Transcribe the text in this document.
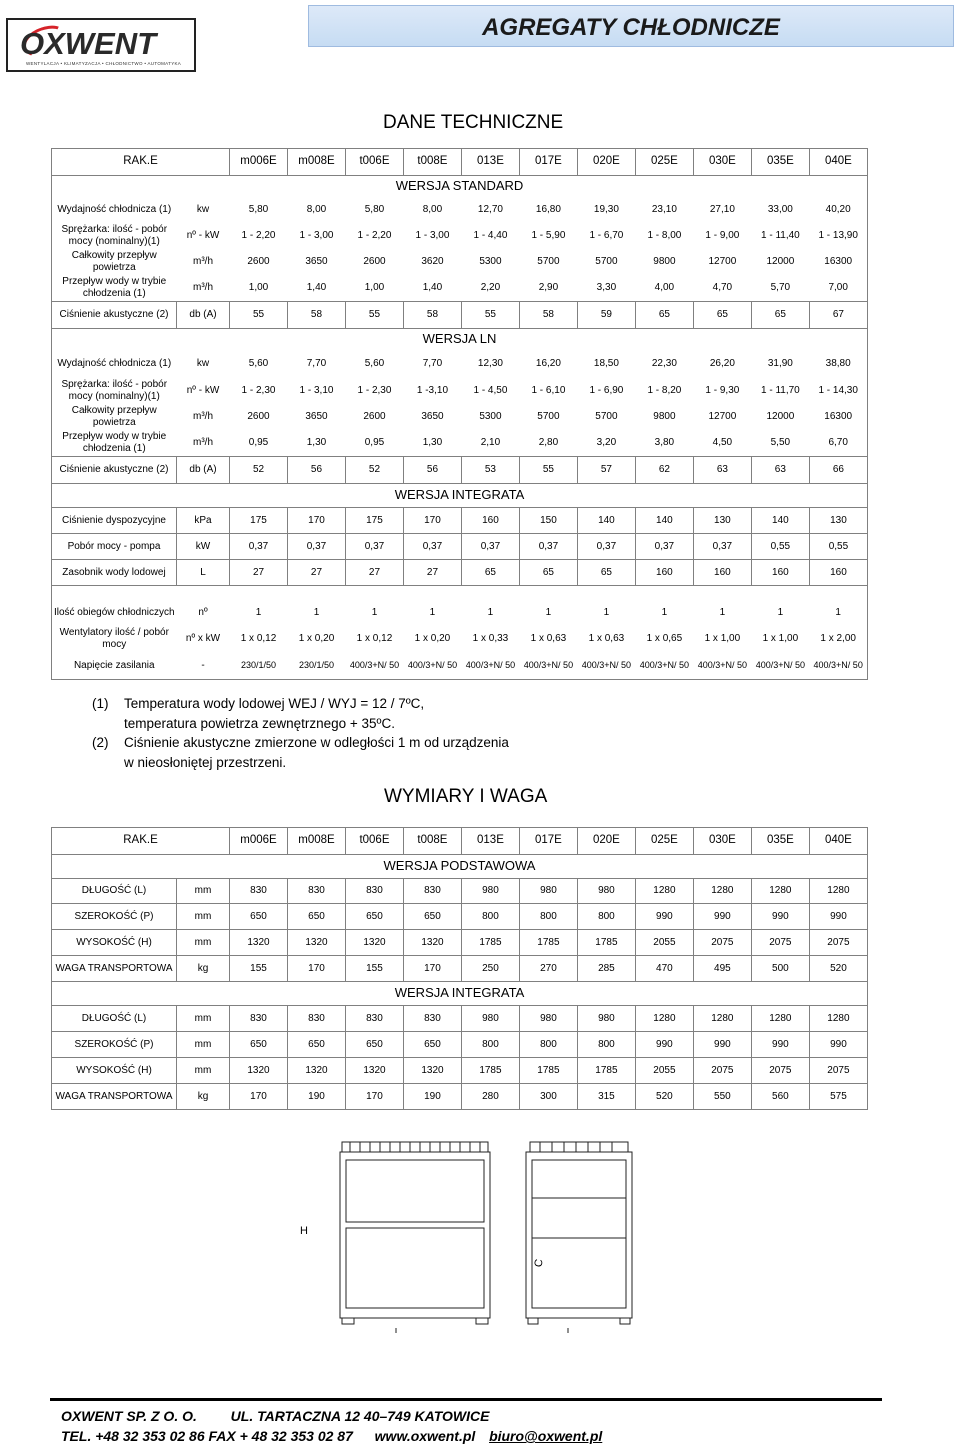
OXWENT
WENTYLACJA • KLIMATYZACJA • CHŁODNICTWO • AUTOMATYKA
AGREGATY CHŁODNICZE
DANE TECHNICZNE
RAK.E		m006E	m008E	t006E	t008E	013E	017E	020E	025E	030E	035E	040E
WERSJA STANDARD												
Wydajność chłodnicza (1)	kw	5,80	8,00	5,80	8,00	12,70	16,80	19,30	23,10	27,10	33,00	40,20
Sprężarka: ilość - pobór mocy (nominalny)(1)	nº - kW	1 - 2,20	1 - 3,00	1 - 2,20	1 - 3,00	1 - 4,40	1 - 5,90	1 - 6,70	1 - 8,00	1 - 9,00	1 - 11,40	1 - 13,90
Całkowity przepływ powietrza	m³/h	2600	3650	2600	3620	5300	5700	5700	9800	12700	12000	16300
Przepływ wody w trybie chłodzenia (1)	m³/h	1,00	1,40	1,00	1,40	2,20	2,90	3,30	4,00	4,70	5,70	7,00
Ciśnienie akustyczne (2)	db (A)	55	58	55	58	55	58	59	65	65	65	67
WERSJA LN												
Wydajność chłodnicza (1)	kw	5,60	7,70	5,60	7,70	12,30	16,20	18,50	22,30	26,20	31,90	38,80
Sprężarka: ilość - pobór mocy (nominalny)(1)	nº - kW	1 - 2,30	1 - 3,10	1 - 2,30	1 -3,10	1 - 4,50	1 - 6,10	1 - 6,90	1 - 8,20	1 - 9,30	1 - 11,70	1 - 14,30
Całkowity przepływ powietrza	m³/h	2600	3650	2600	3650	5300	5700	5700	9800	12700	12000	16300
Przepływ wody w trybie chłodzenia (1)	m³/h	0,95	1,30	0,95	1,30	2,10	2,80	3,20	3,80	4,50	5,50	6,70
Ciśnienie akustyczne (2)	db (A)	52	56	52	56	53	55	57	62	63	63	66
WERSJA INTEGRATA												
Ciśnienie dyspozycyjne	kPa	175	170	175	170	160	150	140	140	130	140	130
Pobór mocy - pompa	kW	0,37	0,37	0,37	0,37	0,37	0,37	0,37	0,37	0,37	0,55	0,55
Zasobnik wody lodowej	L	27	27	27	27	65	65	65	160	160	160	160

Ilość obiegów chłodniczych	nº	1	1	1	1	1	1	1	1	1	1	1
Wentylatory ilość / pobór mocy	nº x kW	1 x 0,12	1 x 0,20	1 x 0,12	1 x 0,20	1 x 0,33	1 x 0,63	1 x 0,63	1 x 0,65	1 x 1,00	1 x 1,00	1 x 2,00
Napięcie zasilania	-	230/1/50	230/1/50	400/3+N/ 50	400/3+N/ 50	400/3+N/ 50	400/3+N/ 50	400/3+N/ 50	400/3+N/ 50	400/3+N/ 50	400/3+N/ 50	400/3+N/ 50
(1) Temperatura wody lodowej WEJ / WYJ = 12 / 7ºC,
temperatura powietrza zewnętrznego + 35ºC.
(2) Ciśnienie akustyczne zmierzone w odległości 1 m od urządzenia
w nieosłoniętej przestrzeni.
WYMIARY I WAGA
RAK.E		m006E	m008E	t006E	t008E	013E	017E	020E	025E	030E	035E	040E
WERSJA PODSTAWOWA												
DŁUGOŚĆ (L)	mm	830	830	830	830	980	980	980	1280	1280	1280	1280
SZEROKOŚĆ (P)	mm	650	650	650	650	800	800	800	990	990	990	990
WYSOKOŚĆ (H)	mm	1320	1320	1320	1320	1785	1785	1785	2055	2075	2075	2075
WAGA TRANSPORTOWA	kg	155	170	155	170	250	270	285	470	495	500	520
WERSJA INTEGRATA												
DŁUGOŚĆ (L)	mm	830	830	830	830	980	980	980	1280	1280	1280	1280
SZEROKOŚĆ (P)	mm	650	650	650	650	800	800	800	990	990	990	990
WYSOKOŚĆ (H)	mm	1320	1320	1320	1320	1785	1785	1785	2055	2075	2075	2075
WAGA TRANSPORTOWA	kg	170	190	170	190	280	300	315	520	550	560	575
H
C
OXWENT SP. Z O. O. UL. TARTACZNA 12 40–749 KATOWICE
TEL. +48 32 353 02 86 FAX + 48 32 353 02 87 www.oxwent.pl biuro@oxwent.pl
